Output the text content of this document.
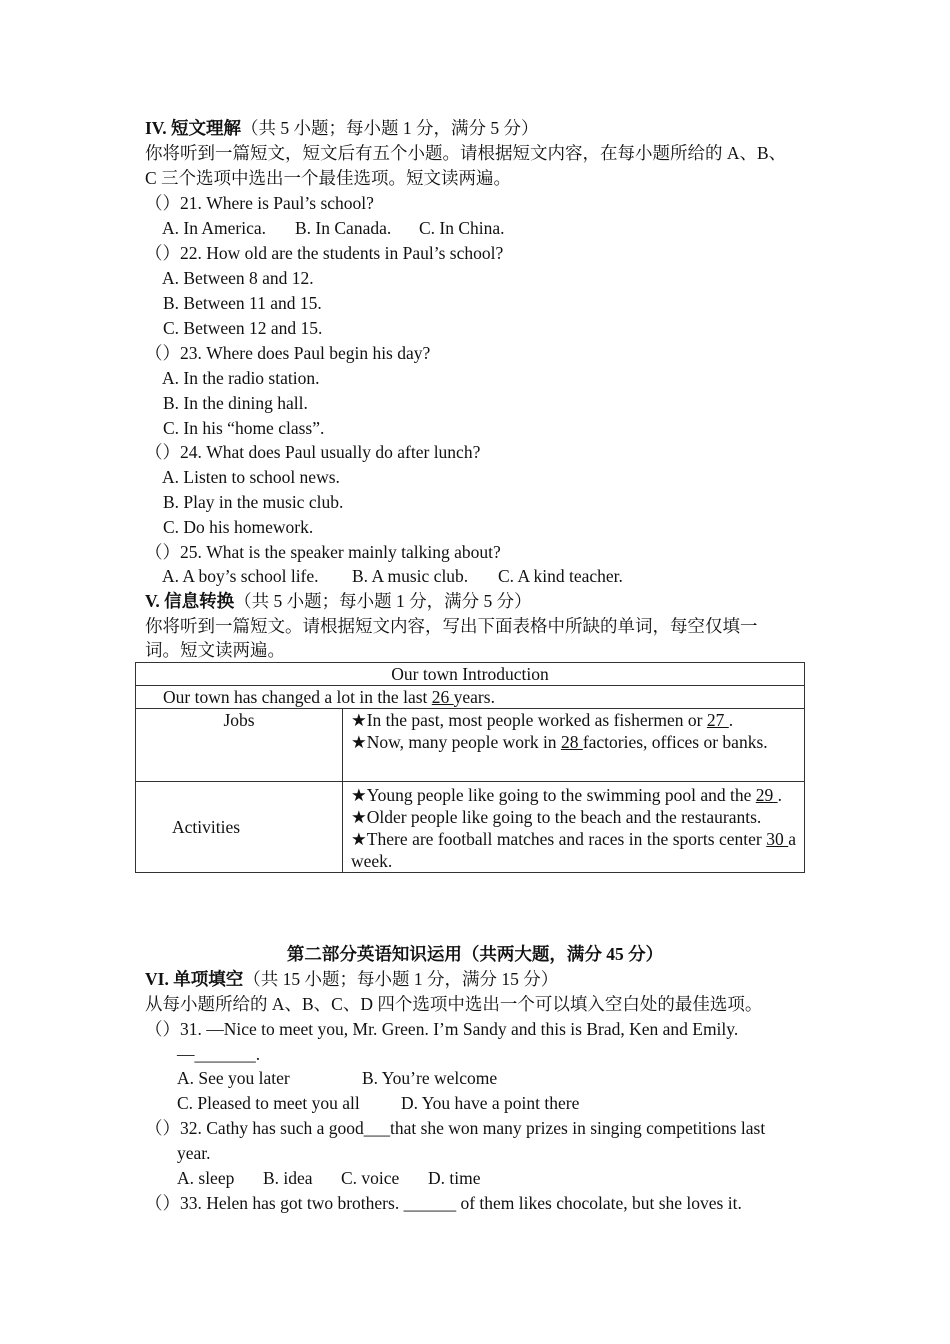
IV. 短文理解（共 5 小题；每小题 1 分，满分 5 分）
你将听到一篇短文，短文后有五个小题。请根据短文内容，在每小题所给的 A、B、
C 三个选项中选出一个最佳选项。短文读两遍。
（）21. Where is Paul’s school?
A. In America. B. In Canada. C. In China.
（）22. How old are the students in Paul’s school?
A. Between 8 and 12.
B. Between 11 and 15.
C. Between 12 and 15.
（）23. Where does Paul begin his day?
A. In the radio station.
B. In the dining hall.
C. In his “home class”.
（）24. What does Paul usually do after lunch?
A. Listen to school news.
B. Play in the music club.
C. Do his homework.
（）25. What is the speaker mainly talking about?
A. A boy’s school life. B. A music club. C. A kind teacher.
V. 信息转换（共 5 小题；每小题 1 分，满分 5 分）
你将听到一篇短文。请根据短文内容，写出下面表格中所缺的单词，每空仅填一
词。短文读两遍。
Our town Introduction	
Our town has changed a lot in the last 26 years.	
Jobs	★In the past, most people worked as fishermen or 27 .
★Now, many people work in 28 factories, offices or banks.

Activities	★Young people like going to the swimming pool and the 29 .
★Older people like going to the beach and the restaurants.
★There are football matches and races in the sports center 30 a week.
第二部分英语知识运用（共两大题，满分 45 分）
VI. 单项填空（共 15 小题；每小题 1 分，满分 15 分）
从每小题所给的 A、B、C、D 四个选项中选出一个可以填入空白处的最佳选项。
（）31. —Nice to meet you, Mr. Green. I’m Sandy and this is Brad, Ken and Emily.
—_______.
A. See you later	B. You’re welcome
C. Pleased to meet you all D. You have a point there
（）32. Cathy has such a good___that she won many prizes in singing competitions last
year.
A. sleep B. idea C. voice D. time
（）33. Helen has got two brothers. ______ of them likes chocolate, but she loves it.
